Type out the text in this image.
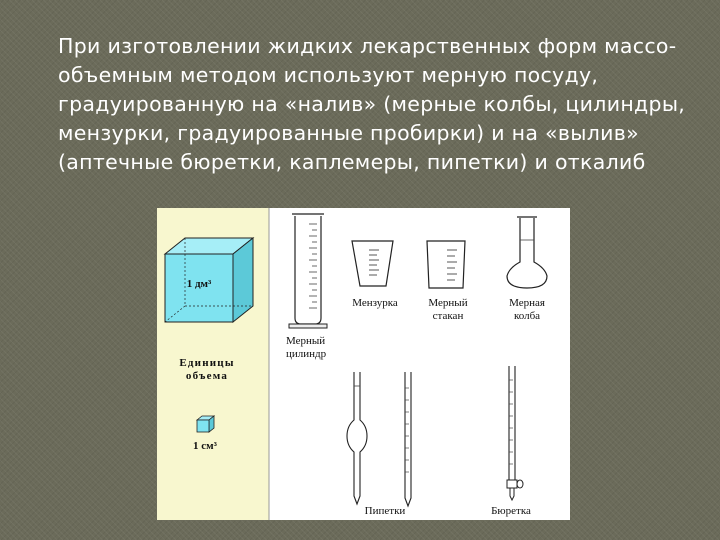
При изготовлении жидких лекарственных форм массо-объемным методом используют мерную посуду, градуированную на «налив» (мерные колбы, цилиндры, мензурки, градуированные пробирки) и на «вылив» (аптечные бюретки, каплемеры, пипетки) и откалиб

1 дм³
Единицы
объема
1 см³
Мерный
цилиндр
Мензурка	Мерный
стакан
Мерная
колба
Пипетки	Бюретка
